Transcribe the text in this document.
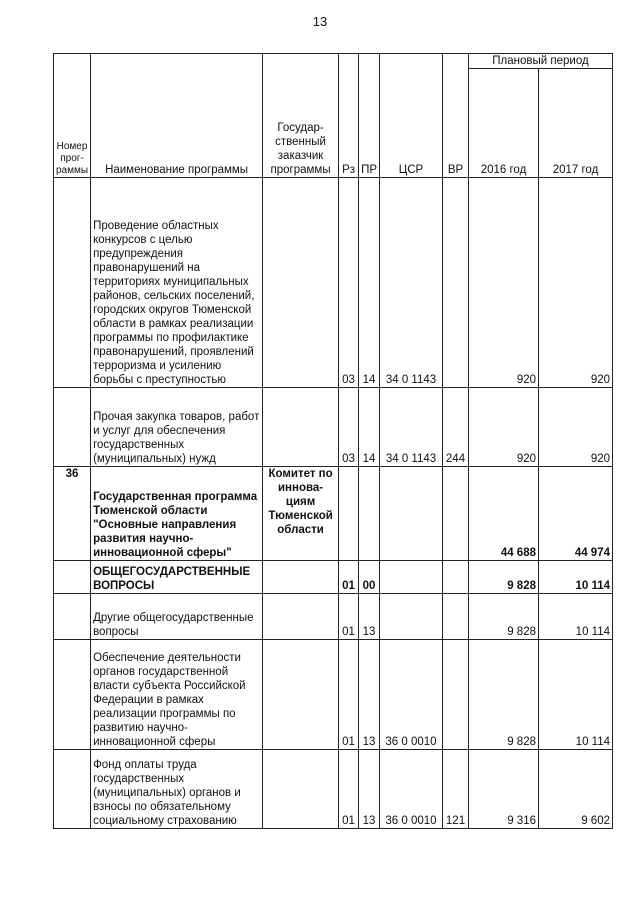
13
Номер прог-раммы	Наименование программы	Государ-ственный заказчик программы	Рз	ПР	ЦСР	ВР	Плановый период	
							2016 год	2017 год
	Проведение областных конкурсов с целью предупреждения правонарушений на территориях муниципальных районов, сельских поселений, городских округов Тюменской области в рамках реализации программы по профилактике правонарушений, проявлений терроризма и усилению борьбы с преступностью		03	14	34 0 1143		920	920
	Прочая закупка товаров, работ и услуг для обеспечения государственных (муниципальных) нужд		03	14	34 0 1143	244	920	920
36	Государственная программа Тюменской области "Основные направления развития научно-инновационной сферы"	Комитет по иннова-циям Тюменской области					44 688	44 974
	ОБЩЕГОСУДАРСТВЕННЫЕ ВОПРОСЫ		01	00			9 828	10 114
	Другие общегосударственные вопросы		01	13			9 828	10 114
	Обеспечение деятельности органов государственной власти субъекта Российской Федерации в рамках реализации программы по развитию научно-инновационной сферы		01	13	36 0 0010		9 828	10 114
	Фонд оплаты труда государственных (муниципальных) органов и взносы по обязательному социальному страхованию		01	13	36 0 0010	121	9 316	9 602
